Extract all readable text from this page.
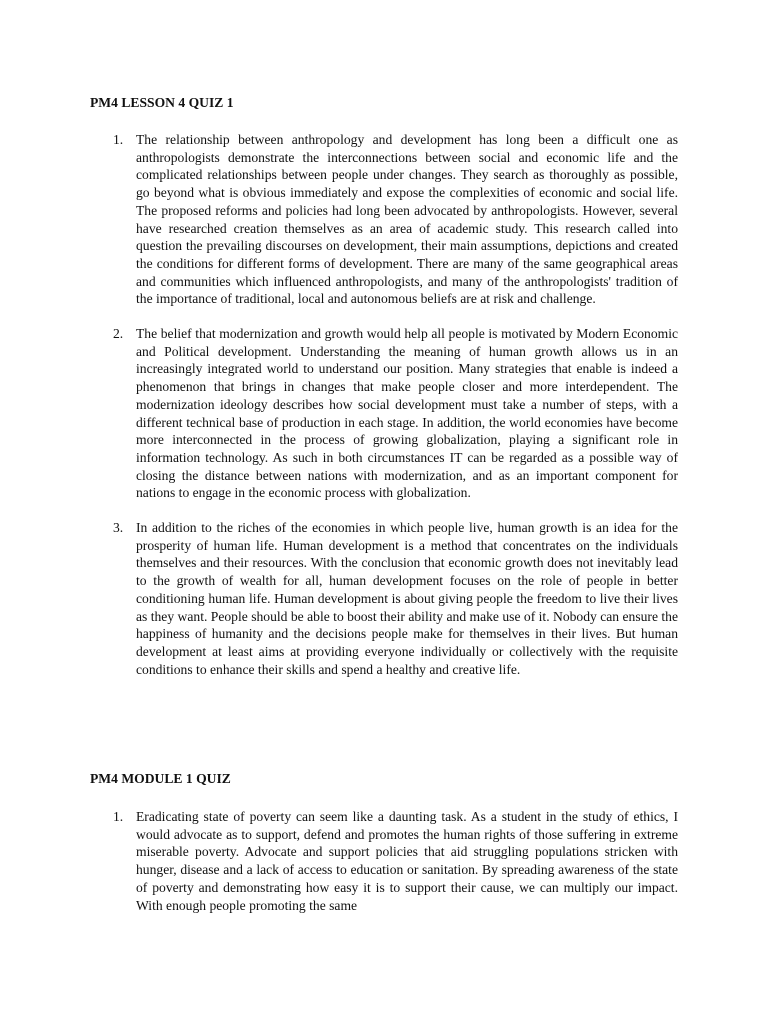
PM4 LESSON 4 QUIZ 1
1. The relationship between anthropology and development has long been a difficult one as anthropologists demonstrate the interconnections between social and economic life and the complicated relationships between people under changes. They search as thoroughly as possible, go beyond what is obvious immediately and expose the complexities of economic and social life. The proposed reforms and policies had long been advocated by anthropologists. However, several have researched creation themselves as an area of academic study. This research called into question the prevailing discourses on development, their main assumptions, depictions and created the conditions for different forms of development. There are many of the same geographical areas and communities which influenced anthropologists, and many of the anthropologists' tradition of the importance of traditional, local and autonomous beliefs are at risk and challenge.

2. The belief that modernization and growth would help all people is motivated by Modern Economic and Political development. Understanding the meaning of human growth allows us in an increasingly integrated world to understand our position. Many strategies that enable is indeed a phenomenon that brings in changes that make people closer and more interdependent. The modernization ideology describes how social development must take a number of steps, with a different technical base of production in each stage. In addition, the world economies have become more interconnected in the process of growing globalization, playing a significant role in information technology. As such in both circumstances IT can be regarded as a possible way of closing the distance between nations with modernization, and as an important component for nations to engage in the economic process with globalization.

3. In addition to the riches of the economies in which people live, human growth is an idea for the prosperity of human life. Human development is a method that concentrates on the individuals themselves and their resources. With the conclusion that economic growth does not inevitably lead to the growth of wealth for all, human development focuses on the role of people in better conditioning human life. Human development is about giving people the freedom to live their lives as they want. People should be able to boost their ability and make use of it. Nobody can ensure the happiness of humanity and the decisions people make for themselves in their lives. But human development at least aims at providing everyone individually or collectively with the requisite conditions to enhance their skills and spend a healthy and creative life.

PM4 MODULE 1 QUIZ
1. Eradicating state of poverty can seem like a daunting task. As a student in the study of ethics, I would advocate as to support, defend and promotes the human rights of those suffering in extreme miserable poverty. Advocate and support policies that aid struggling populations stricken with hunger, disease and a lack of access to education or sanitation. By spreading awareness of the state of poverty and demonstrating how easy it is to support their cause, we can multiply our impact. With enough people promoting the same
